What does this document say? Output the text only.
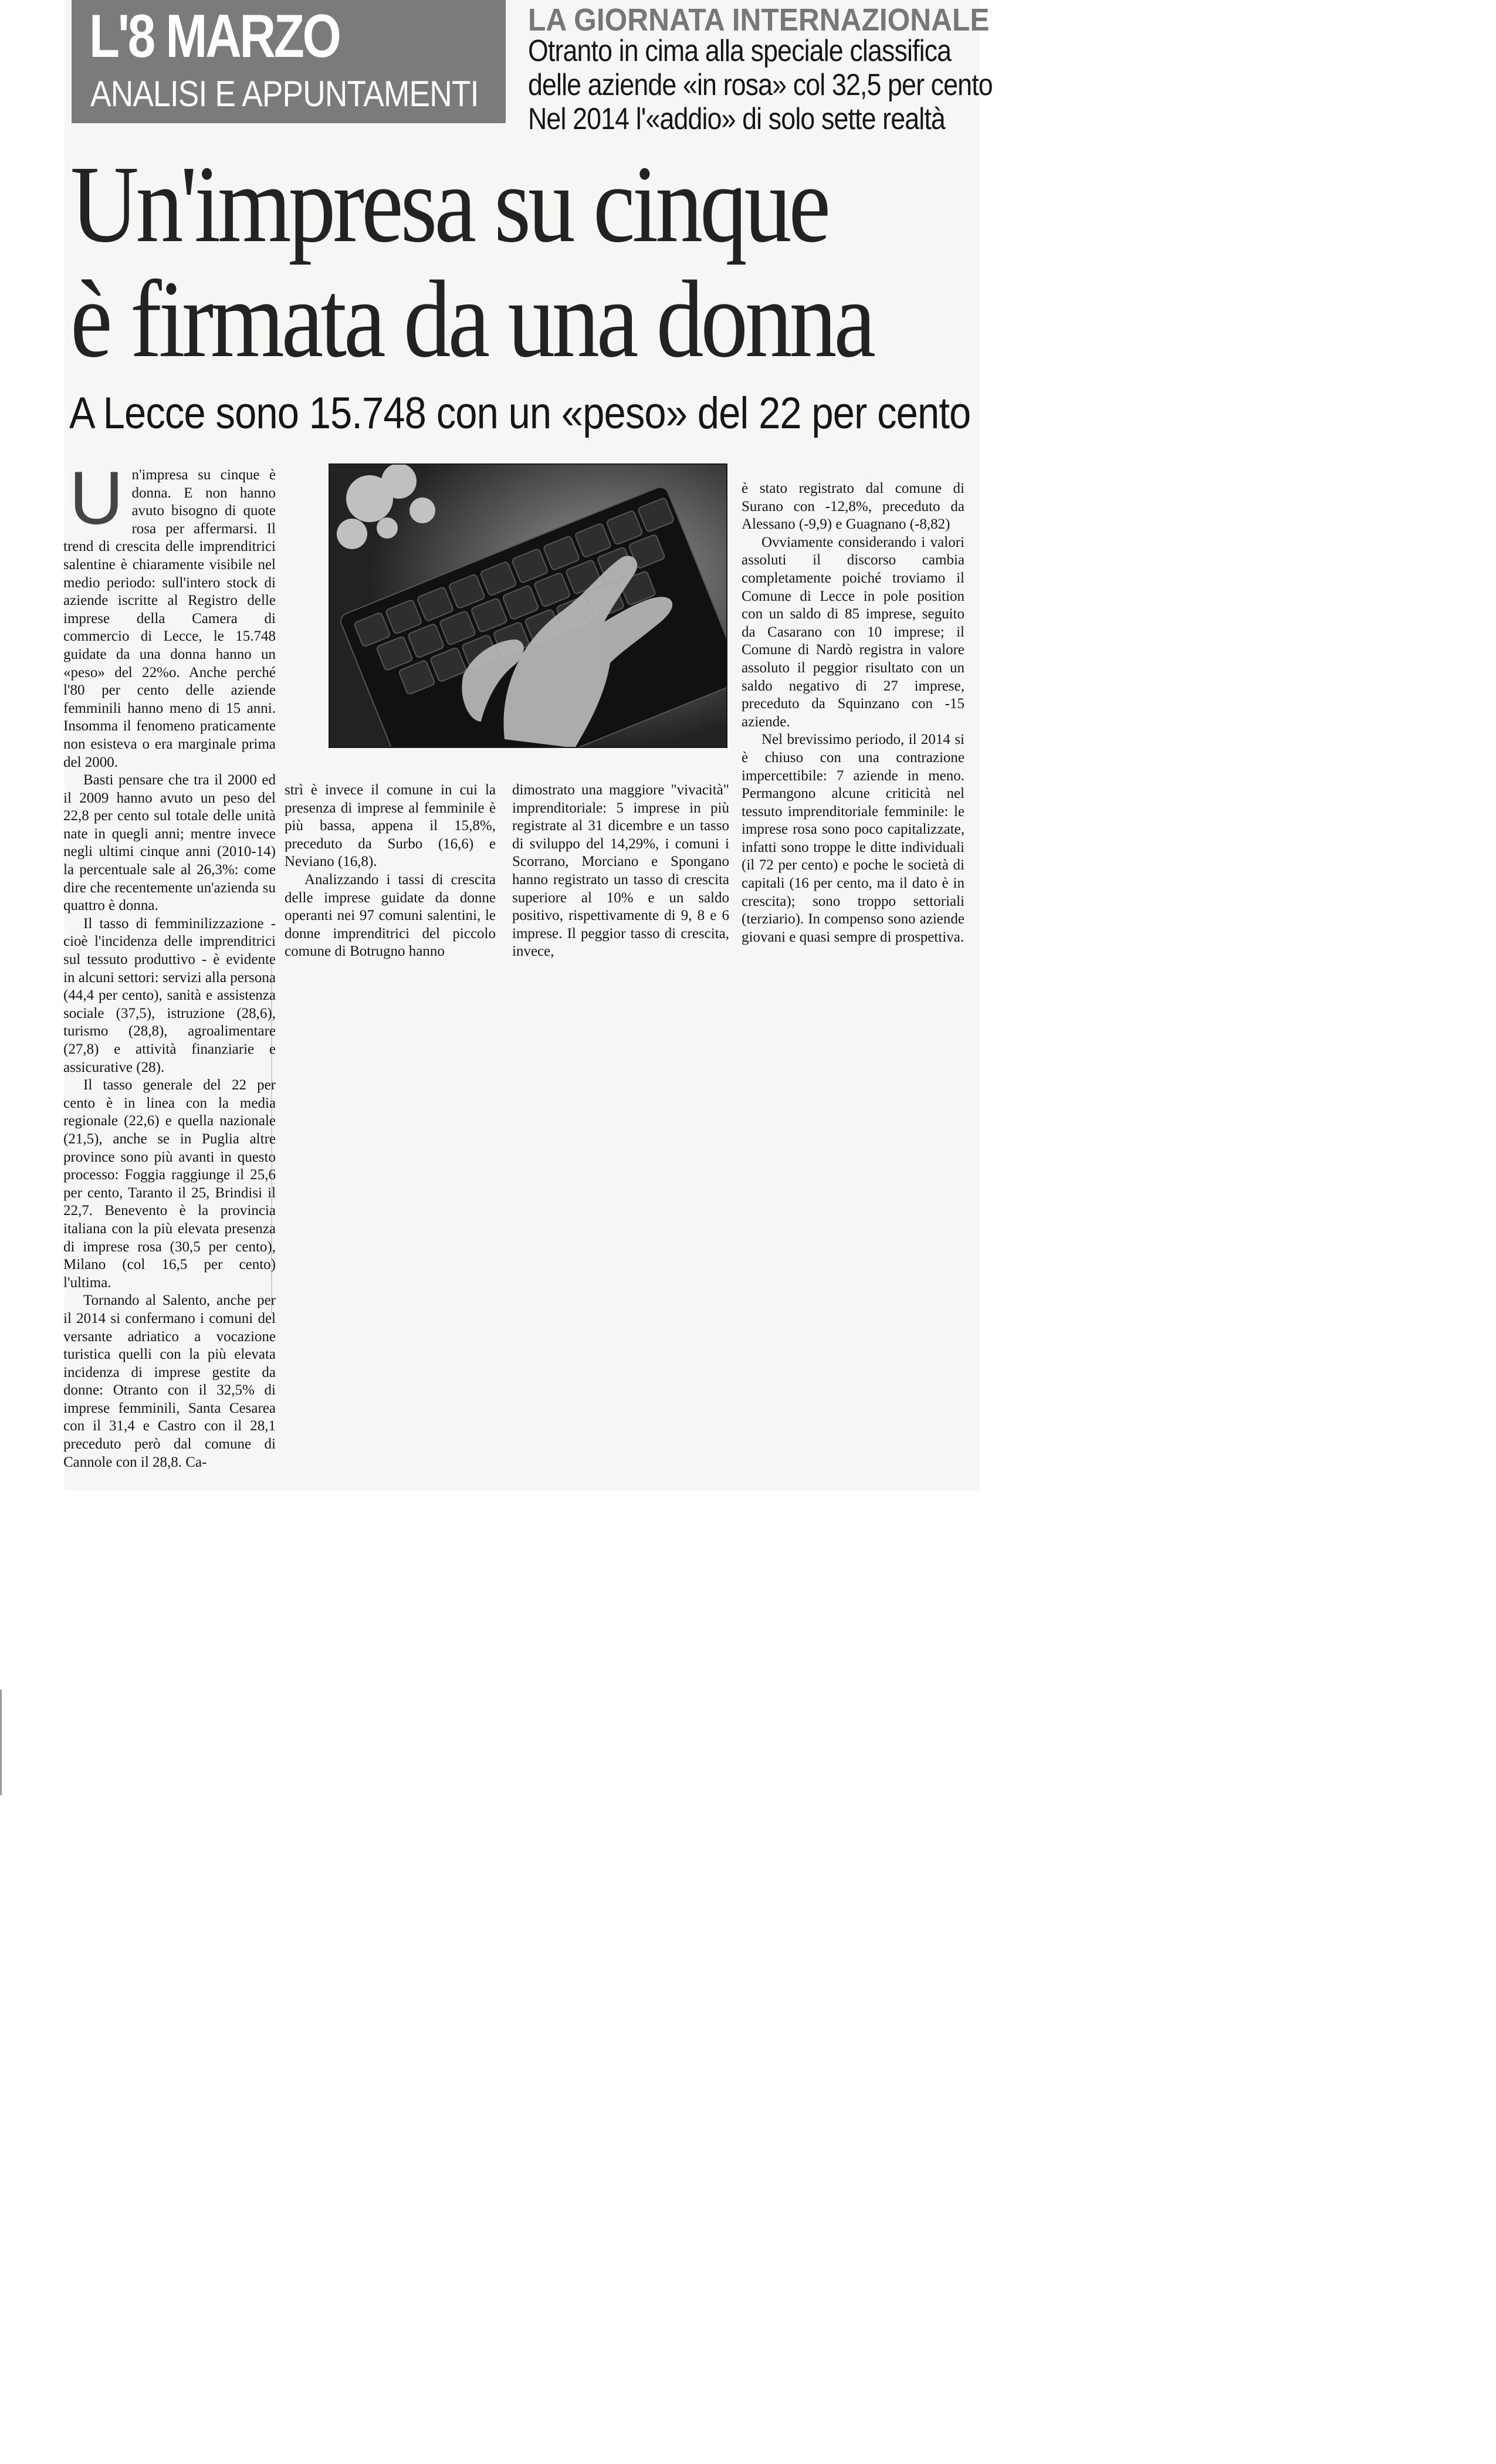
L'8 MARZO
ANALISI E APPUNTAMENTI
LA GIORNATA INTERNAZIONALE
Otranto in cima alla speciale classifica
delle aziende «in rosa» col 32,5 per cento
Nel 2014 l'«addio» di solo sette realtà
Un'impresa su cinque
è firmata da una donna
A Lecce sono 15.748 con un «peso» del 22 per cento

Un'impresa su cinque è donna. E non hanno avuto bisogno di quote rosa per affermarsi. Il trend di crescita delle imprenditrici salentine è chiaramente visibile nel medio periodo: sull'intero stock di aziende iscritte al Registro delle imprese della Camera di commercio di Lecce, le 15.748 guidate da una donna hanno un «peso» del 22%o. Anche perché l'80 per cento delle aziende femminili hanno meno di 15 anni. Insomma il fenomeno praticamente non esisteva o era marginale prima del 2000.

Basti pensare che tra il 2000 ed il 2009 hanno avuto un peso del 22,8 per cento sul totale delle unità nate in quegli anni; mentre invece negli ultimi cinque anni (2010-14) la percentuale sale al 26,3%: come dire che recentemente un'azienda su quattro è donna.

Il tasso di femminilizzazione - cioè l'incidenza delle imprenditrici sul tessuto produttivo - è evidente in alcuni settori: servizi alla persona (44,4 per cento), sanità e assistenza sociale (37,5), istruzione (28,6), turismo (28,8), agroalimentare (27,8) e attività finanziarie e assicurative (28).

Il tasso generale del 22 per cento è in linea con la media regionale (22,6) e quella nazionale (21,5), anche se in Puglia altre province sono più avanti in questo processo: Foggia raggiunge il 25,6 per cento, Taranto il 25, Brindisi il 22,7. Benevento è la provincia italiana con la più elevata presenza di imprese rosa (30,5 per cento), Milano (col 16,5 per cento) l'ultima.

Tornando al Salento, anche per il 2014 si confermano i comuni del versante adriatico a vocazione turistica quelli con la più elevata incidenza di imprese gestite da donne: Otranto con il 32,5% di imprese femminili, Santa Cesarea con il 31,4 e Castro con il 28,1 preceduto però dal comune di Cannole con il 28,8. Ca-

strì è invece il comune in cui la presenza di imprese al femminile è più bassa, appena il 15,8%, preceduto da Surbo (16,6) e Neviano (16,8).

Analizzando i tassi di crescita delle imprese guidate da donne operanti nei 97 comuni salentini, le donne imprenditrici del piccolo comune di Botrugno hanno

dimostrato una maggiore "vivacità" imprenditoriale: 5 imprese in più registrate al 31 dicembre e un tasso di sviluppo del 14,29%, i comuni i Scorrano, Morciano e Spongano hanno registrato un tasso di crescita superiore al 10% e un saldo positivo, rispettivamente di 9, 8 e 6 imprese. Il peggior tasso di crescita, invece,

è stato registrato dal comune di Surano con -12,8%, preceduto da Alessano (-9,9) e Guagnano (-8,82)

Ovviamente considerando i valori assoluti il discorso cambia completamente poiché troviamo il Comune di Lecce in pole position con un saldo di 85 imprese, seguito da Casarano con 10 imprese; il Comune di Nardò registra in valore assoluto il peggior risultato con un saldo negativo di 27 imprese, preceduto da Squinzano con -15 aziende.

Nel brevissimo periodo, il 2014 si è chiuso con una contrazione impercettibile: 7 aziende in meno. Permangono alcune criticità nel tessuto imprenditoriale femminile: le imprese rosa sono poco capitalizzate, infatti sono troppe le ditte individuali (il 72 per cento) e poche le società di capitali (16 per cento, ma il dato è in crescita); sono troppo settoriali (terziario). In compenso sono aziende giovani e quasi sempre di prospettiva.
